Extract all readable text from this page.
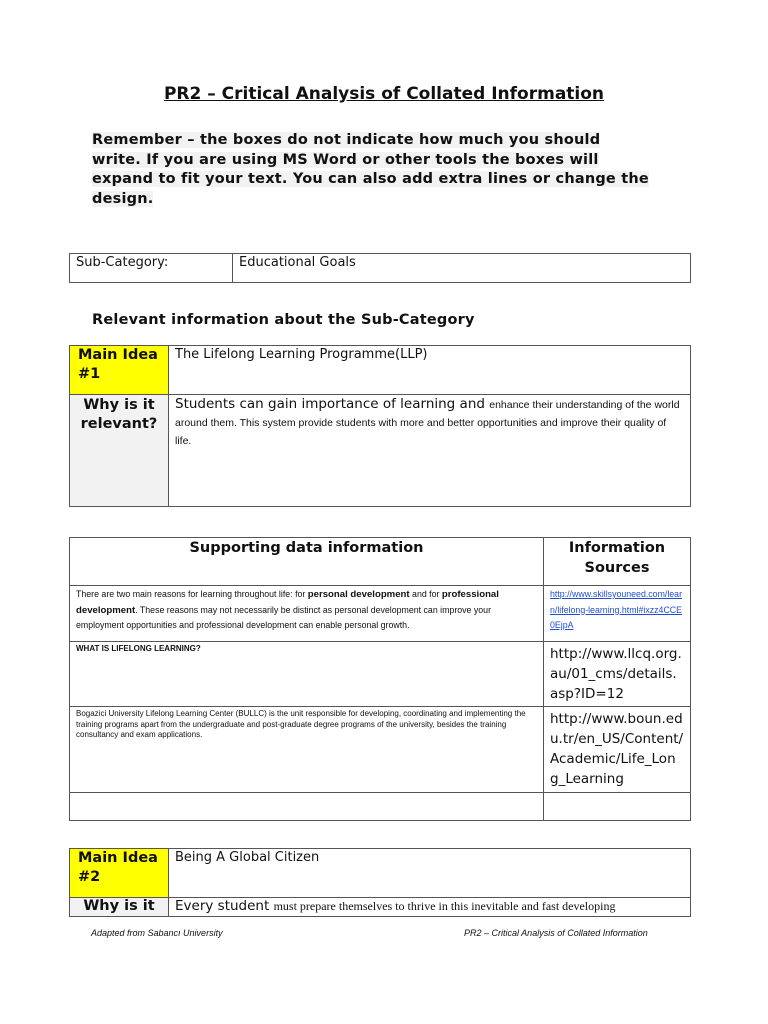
PR2 – Critical Analysis of Collated Information
Remember – the boxes do not indicate how much you should
write. If you are using MS Word or other tools the boxes will
expand to fit your text. You can also add extra lines or change the
design.
Sub-Category:	Educational Goals
Relevant information about the Sub-Category
Main Idea #1	The Lifelong Learning Programme(LLP)
Why is it relevant?	Students can gain importance of learning and enhance their understanding of the world around them. This system provide students with more and better opportunities and improve their quality of life.
Supporting data information	Information Sources
There are two main reasons for learning throughout life: for personal development and for professional development. These reasons may not necessarily be distinct as personal development can improve your employment opportunities and professional development can enable personal growth.	http://www.skillsyouneed.com/learn/lifelong-learning.html#ixzz4CCE0EjpA
WHAT IS LIFELONG LEARNING?	http://www.llcq.org.au/01_cms/details.asp?ID=12
Bogazici University Lifelong Learning Center (BULLC) is the unit responsible for developing, coordinating and implementing the training programs apart from the undergraduate and post-graduate degree programs of the university, besides the training consultancy and exam applications.	http://www.boun.edu.tr/en_US/Content/Academic/Life_Long_Learning

Main Idea #2	Being A Global Citizen
Why is it	Every student must prepare themselves to thrive in this inevitable and fast developing
Adapted from Sabancı University	PR2 – Critical Analysis of Collated Information
